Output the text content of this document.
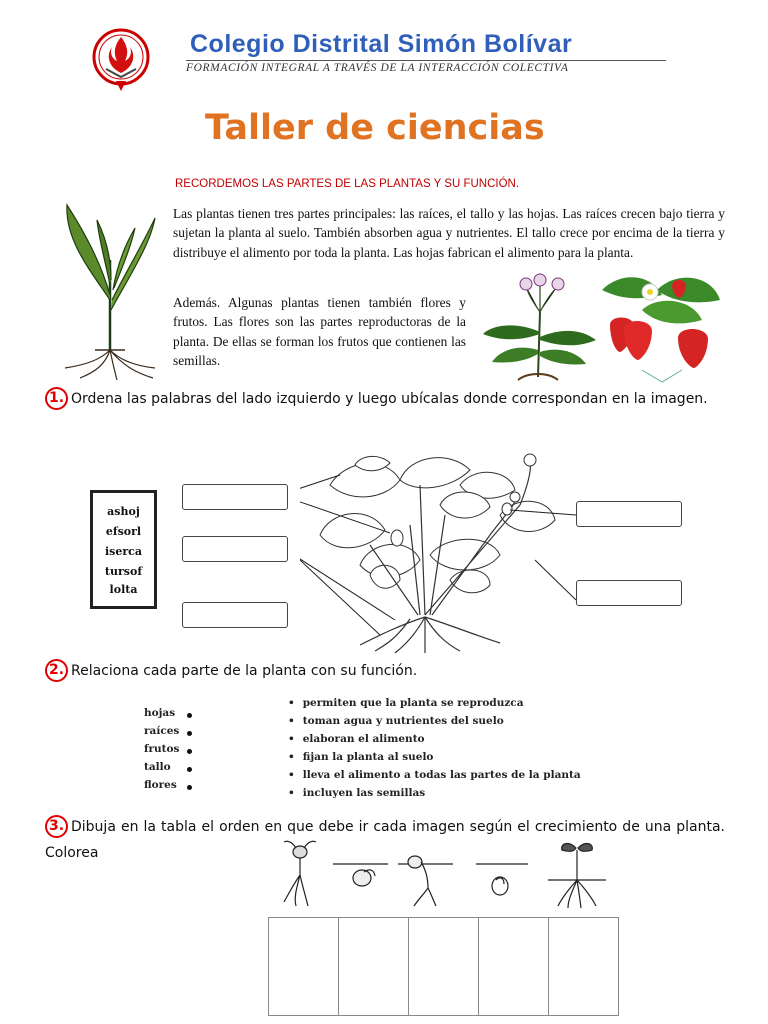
Colegio Distrital Simón Bolívar
FORMACIÓN INTEGRAL A TRAVÉS DE LA INTERACCIÓN COLECTIVA
Taller de ciencias
RECORDEMOS LAS PARTES DE LAS PLANTAS Y SU FUNCIÓN.
Las plantas tienen tres partes principales: las raíces, el tallo y las hojas. Las raíces crecen bajo tierra y sujetan la planta al suelo. También absorben agua y nutrientes. El tallo crece por encima de la tierra y distribuye el alimento por toda la planta. Las hojas fabrican el alimento para la planta.
Además. Algunas plantas tienen también flores y frutos. Las flores son las partes reproductoras de la planta. De ellas se forman los frutos que contienen las semillas.
1. Ordena las palabras del lado izquierdo y luego ubícalas donde correspondan en la imagen.
ashoj
efsorl
iserca
tursof
lolta
2. Relaciona cada parte de la planta con su función.
hojas
raíces
frutos
tallo
flores
• permiten que la planta se reproduzca
• toman agua y nutrientes del suelo
• elaboran el alimento
• fijan la planta al suelo
• lleva el alimento a todas las partes de la planta
• incluyen las semillas
3. Dibuja en la tabla el orden en que debe ir cada imagen según el crecimiento de una planta. Colorea
